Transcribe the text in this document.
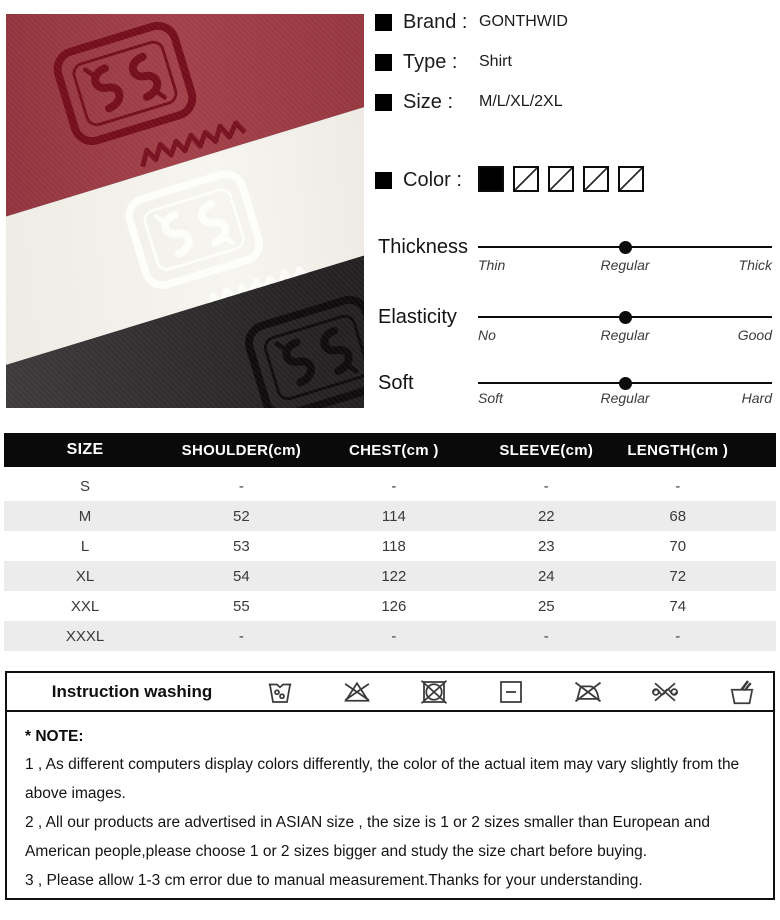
Brand : GONTHWID
Type :	Shirt
Size :	M/L/XL/2XL
Color :
Thickness
Thin	Regular	Thick
Elasticity
No	Regular	Good
Soft
Soft	Regular	Hard
SIZE	SHOULDER(cm)	CHEST(cm )	SLEEVE(cm)	LENGTH(cm )
S	-	-	-	-
M	52	114	22	68
L	53	118	23	70
XL	54	122	24	72
XXL	55	126	25	74
XXXL	-	-	-	-
Instruction washing
* NOTE:
1 , As different computers display colors differently, the color of the actual item may vary slightly from the above images.
2 , All our products are advertised in ASIAN size , the size is 1 or 2 sizes smaller than European and American people,please choose 1 or 2 sizes bigger and study the size chart before buying.
3 , Please allow 1-3 cm error due to manual measurement.Thanks for your understanding.
